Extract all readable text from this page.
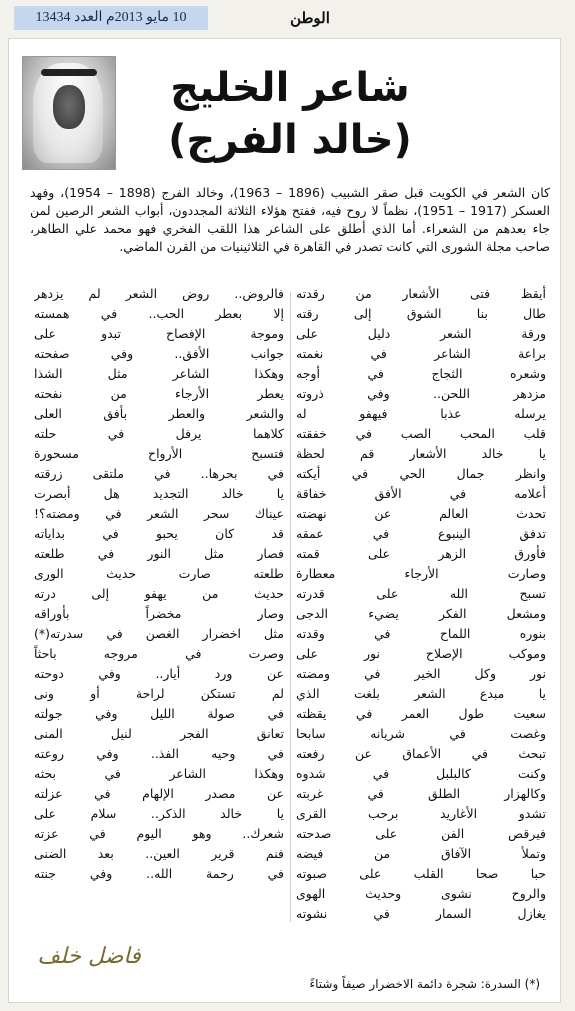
10 مايو 2013م العدد 13434	الوطن
شاعر الخليج
(خالد الفرج)
كان الشعر في الكويت قبل صقر الشبيب (1896 – 1963)، وخالد الفرج (1898 – 1954)، وفهد العسكر (1917 – 1951)، نظماً لا روح فيه، ففتح هؤلاء الثلاثة المجددون، أبواب الشعر الرصين لمن جاء بعدهم من الشعراء. أما الذي أطلق على الشاعر هذا اللقب الفخري فهو محمد علي الطاهر، صاحب مجلة الشورى التي كانت تصدر في القاهرة في الثلاثينيات من القرن الماضي.
أيقظ فتى الأشعار من رقدته
طال بنا الشوق إلى رقته
ورقة الشعر دليل على
براعة الشاعر في نغمته
وشعره الثجاج في أوجه
مزدهر اللحن.. وفي ذروته
يرسله عذبا فيهفو له
قلب المحب الصب في خفقته
يا خالد الأشعار قم لحظة
وانظر جمال الحي في أيكته
أعلامه في الأفق خفاقة
تحدث العالم عن نهضته
تدفق الينبوع في عمقه
فأورق الزهر على قمته
وصارت الأرجاء معطارة
تسبح الله على قدرته
ومشعل الفكر يضيء الدجى
بنوره اللماح في وقدته
وموكب الإصلاح نور على
نور وكل الخير في ومضته
يا مبدع الشعر بلغت الذي
سعيت طول العمر في يقظته
وغصت في شريانه سابحا
تبحث في الأعماق عن رفعته
وكنت كالبلبل في شدوه
وكالهزار الطلق في غربته
تشدو الأغاريد برحب القرى
فيرقص الفن على صدحته
وتملأ الآفاق من فيضه
حبا صحا القلب على صبوته
والروح نشوى وحديث الهوى
يغازل السمار في نشوته
فالروض.. روض الشعر لم يزدهر
إلا بعطر الحب.. في همسته
وموجة الإفصاح تبدو على
جوانب الأفق.. وفي صفحته
وهكذا الشاعر مثل الشذا
يعطر الأرجاء من نفحته
والشعر والعطر بأفق العلى
كلاهما يرفل في حلته
فتسبح الأرواح مسحورة
في بحرها.. في ملتقى زرقته
يا خالد التجديد هل أبصرت
عيناك سحر الشعر في ومضته؟!
قد كان يحبو في بداياته
فصار مثل النور في طلعته
طلعته صارت حديث الورى
حديث من يهفو إلى درته
وصار مخضراً بأوراقه
مثل اخضرار الغصن في سدرته(*)
وصرت في مروجه باحثاً
عن ورد أيار.. وفي دوحته
لم تستكن لراحة أو ونى
في صولة الليل وفي جولته
تعانق الفجر لنيل المنى
في وحيه الفذ.. وفي روعته
وهكذا الشاعر في بحثه
عن مصدر الإلهام في عزلته
يا خالد الذكر.. سلام على
شعرك.. وهو اليوم في عزته
فنم قرير العين.. بعد الضنى
في رحمة الله.. وفي جنته
فاضل خلف
(*) السدرة: شجرة دائمة الاخضرار صيفاً وشتاءً
